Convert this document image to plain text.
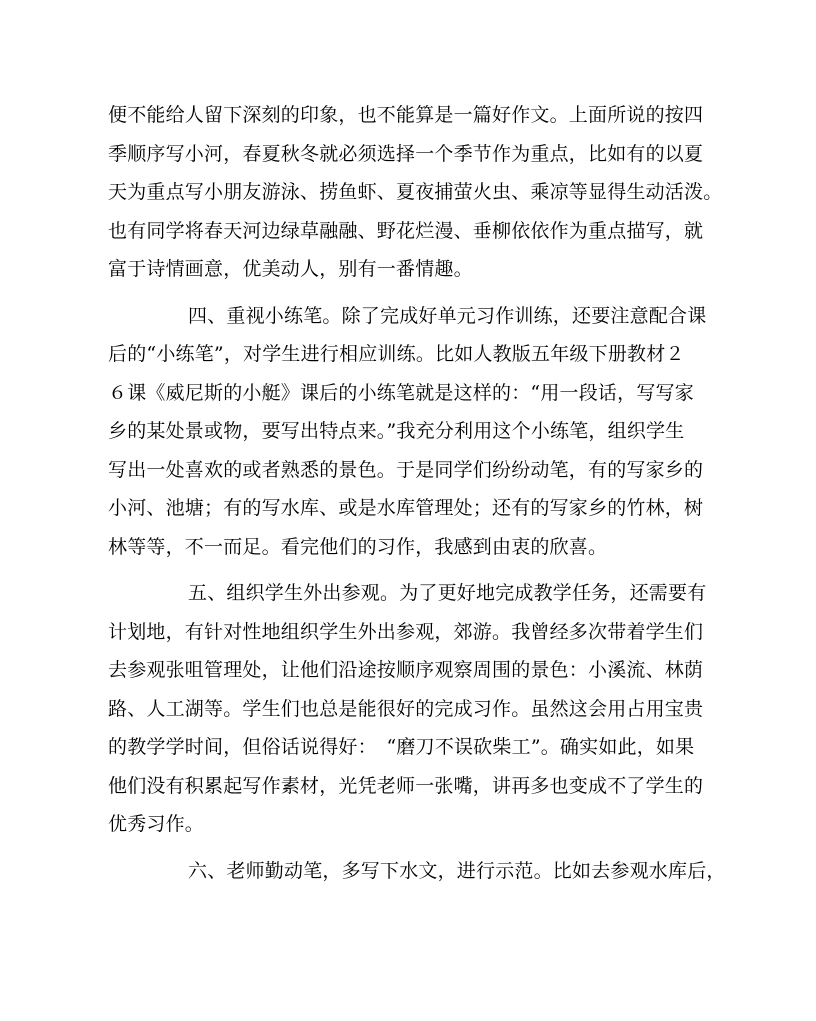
便不能给人留下深刻的印象，也不能算是一篇好作文。上面所说的按四
季顺序写小河，春夏秋冬就必须选择一个季节作为重点，比如有的以夏
天为重点写小朋友游泳、捞鱼虾、夏夜捕萤火虫、乘凉等显得生动活泼。
也有同学将春天河边绿草融融、野花烂漫、垂柳依依作为重点描写，就
富于诗情画意，优美动人，别有一番情趣。
四、重视小练笔。除了完成好单元习作训练，还要注意配合课
后的“小练笔”，对学生进行相应训练。比如人教版五年级下册教材２
６课《威尼斯的小艇》课后的小练笔就是这样的：“用一段话，写写家
乡的某处景或物，要写出特点来。”我充分利用这个小练笔，组织学生
写出一处喜欢的或者熟悉的景色。于是同学们纷纷动笔，有的写家乡的
小河、池塘；有的写水库、或是水库管理处；还有的写家乡的竹林，树
林等等，不一而足。看完他们的习作，我感到由衷的欣喜。
五、组织学生外出参观。为了更好地完成教学任务，还需要有
计划地，有针对性地组织学生外出参观，郊游。我曾经多次带着学生们
去参观张咀管理处，让他们沿途按顺序观察周围的景色：小溪流、林荫
路、人工湖等。学生们也总是能很好的完成习作。虽然这会用占用宝贵
的教学学时间，但俗话说得好：　“磨刀不误砍柴工”。确实如此，如果
他们没有积累起写作素材，光凭老师一张嘴，讲再多也变成不了学生的
优秀习作。
六、老师勤动笔，多写下水文，进行示范。比如去参观水库后，
